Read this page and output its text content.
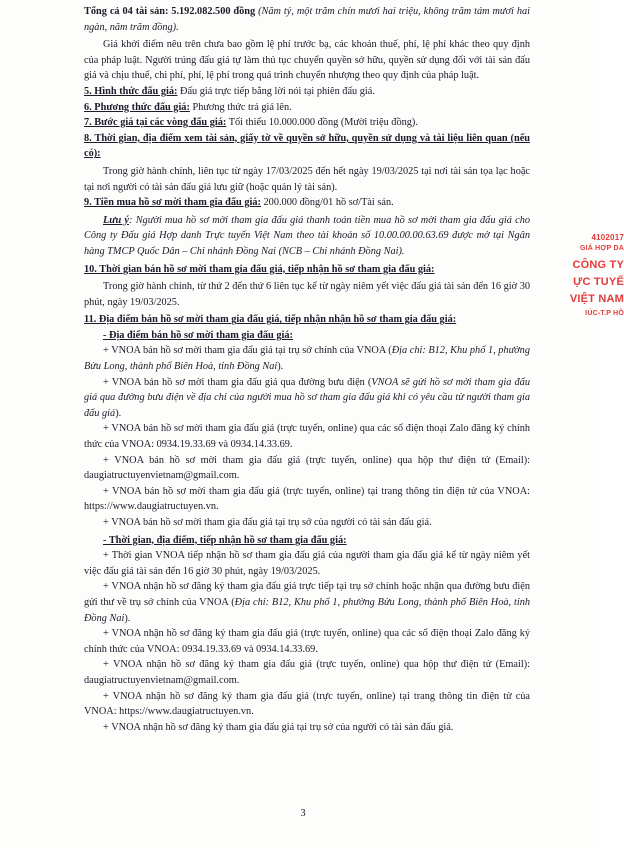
Tổng cả 04 tài sản: 5.192.082.500 đồng (Năm tỷ, một trăm chín mươi hai triệu, không trăm tám mươi hai ngàn, năm trăm đồng).

Giá khởi điểm nêu trên chưa bao gồm lệ phí trước bạ, các khoản thuế, phí, lệ phí khác theo quy định của pháp luật. Người trúng đấu giá tự làm thủ tục chuyển quyền sở hữu, quyền sử dụng đối với tài sản đấu giá và chịu thuế, chi phí, phí, lệ phí trong quá trình chuyển nhượng theo quy định của pháp luật.

5. Hình thức đấu giá: Đấu giá trực tiếp bằng lời nói tại phiên đấu giá.

6. Phương thức đấu giá: Phương thức trả giá lên.

7. Bước giá tại các vòng đấu giá: Tối thiểu 10.000.000 đồng (Mười triệu đồng).

8. Thời gian, địa điểm xem tài sản, giấy tờ về quyền sở hữu, quyền sử dụng và tài liệu liên quan (nếu có):

Trong giờ hành chính, liên tục từ ngày 17/03/2025 đến hết ngày 19/03/2025 tại nơi tài sản tọa lạc hoặc tại nơi người có tài sản đấu giá lưu giữ (hoặc quản lý tài sản).

9. Tiền mua hồ sơ mời tham gia đấu giá: 200.000 đồng/01 hồ sơ/Tài sản.

Lưu ý: Người mua hồ sơ mời tham gia đấu giá thanh toán tiền mua hồ sơ mời tham gia đấu giá cho Công ty Đấu giá Hợp danh Trực tuyến Việt Nam theo tài khoản số 10.00.00.00.63.69 được mở tại Ngân hàng TMCP Quốc Dân – Chi nhánh Đồng Nai (NCB – Chi nhánh Đồng Nai).

10. Thời gian bán hồ sơ mời tham gia đấu giá, tiếp nhận hồ sơ tham gia đấu giá:

Trong giờ hành chính, từ thứ 2 đến thứ 6 liên tục kể từ ngày niêm yết việc đấu giá tài sản đến 16 giờ 30 phút, ngày 19/03/2025.

11. Địa điểm bán hồ sơ mời tham gia đấu giá, tiếp nhận nhận hồ sơ tham gia đấu giá:

- Địa điểm bán hồ sơ mời tham gia đấu giá:

+ VNOA bán hồ sơ mời tham gia đấu giá tại trụ sở chính của VNOA (Địa chỉ: B12, Khu phố 1, phường Bửu Long, thành phố Biên Hoà, tỉnh Đồng Nai).

+ VNOA bán hồ sơ mời tham gia đấu giá qua đường bưu điện (VNOA sẽ gửi hồ sơ mời tham gia đấu giá qua đường bưu điện về địa chỉ của người mua hồ sơ tham gia đấu giá khi có yêu cầu từ người tham gia đấu giá).

+ VNOA bán hồ sơ mời tham gia đấu giá (trực tuyến, online) qua các số điện thoại Zalo đăng ký chính thức của VNOA: 0934.19.33.69 và 0934.14.33.69.

+ VNOA bán hồ sơ mời tham gia đấu giá (trực tuyến, online) qua hộp thư điện tử (Email): daugiatructuyenvietnam@gmail.com.

+ VNOA bán hồ sơ mời tham gia đấu giá (trực tuyến, online) tại trang thông tin điện tử của VNOA: https://www.daugiatructuyen.vn.

+ VNOA bán hồ sơ mời tham gia đấu giá tại trụ sở của người có tài sản đấu giá.

- Thời gian, địa điểm, tiếp nhận hồ sơ tham gia đấu giá:

+ Thời gian VNOA tiếp nhận hồ sơ tham gia đấu giá của người tham gia đấu giá kể từ ngày niêm yết việc đấu giá tài sản đến 16 giờ 30 phút, ngày 19/03/2025.

+ VNOA nhận hồ sơ đăng ký tham gia đấu giá trực tiếp tại trụ sở chính hoặc nhận qua đường bưu điện gửi thư về trụ sở chính của VNOA (Địa chỉ: B12, Khu phố 1, phường Bửu Long, thành phố Biên Hoà, tỉnh Đồng Nai).

+ VNOA nhận hồ sơ đăng ký tham gia đấu giá (trực tuyến, online) qua các số điện thoại Zalo đăng ký chính thức của VNOA: 0934.19.33.69 và 0934.14.33.69.

+ VNOA nhận hồ sơ đăng ký tham gia đấu giá (trực tuyến, online) qua hộp thư điện tử (Email): daugiatructuyenvietnam@gmail.com.

+ VNOA nhận hồ sơ đăng ký tham gia đấu giá (trực tuyến, online) tại trang thông tin điện tử của VNOA: https://www.daugiatructuyen.vn.

+ VNOA nhận hồ sơ đăng ký tham gia đấu giá tại trụ sở của người có tài sản đấu giá.

4102017
GIÁ HỢP DA
CÔNG TY
ỰC TUYẾ
VIỆT NAM
IÚC-T.P HỒ
3
